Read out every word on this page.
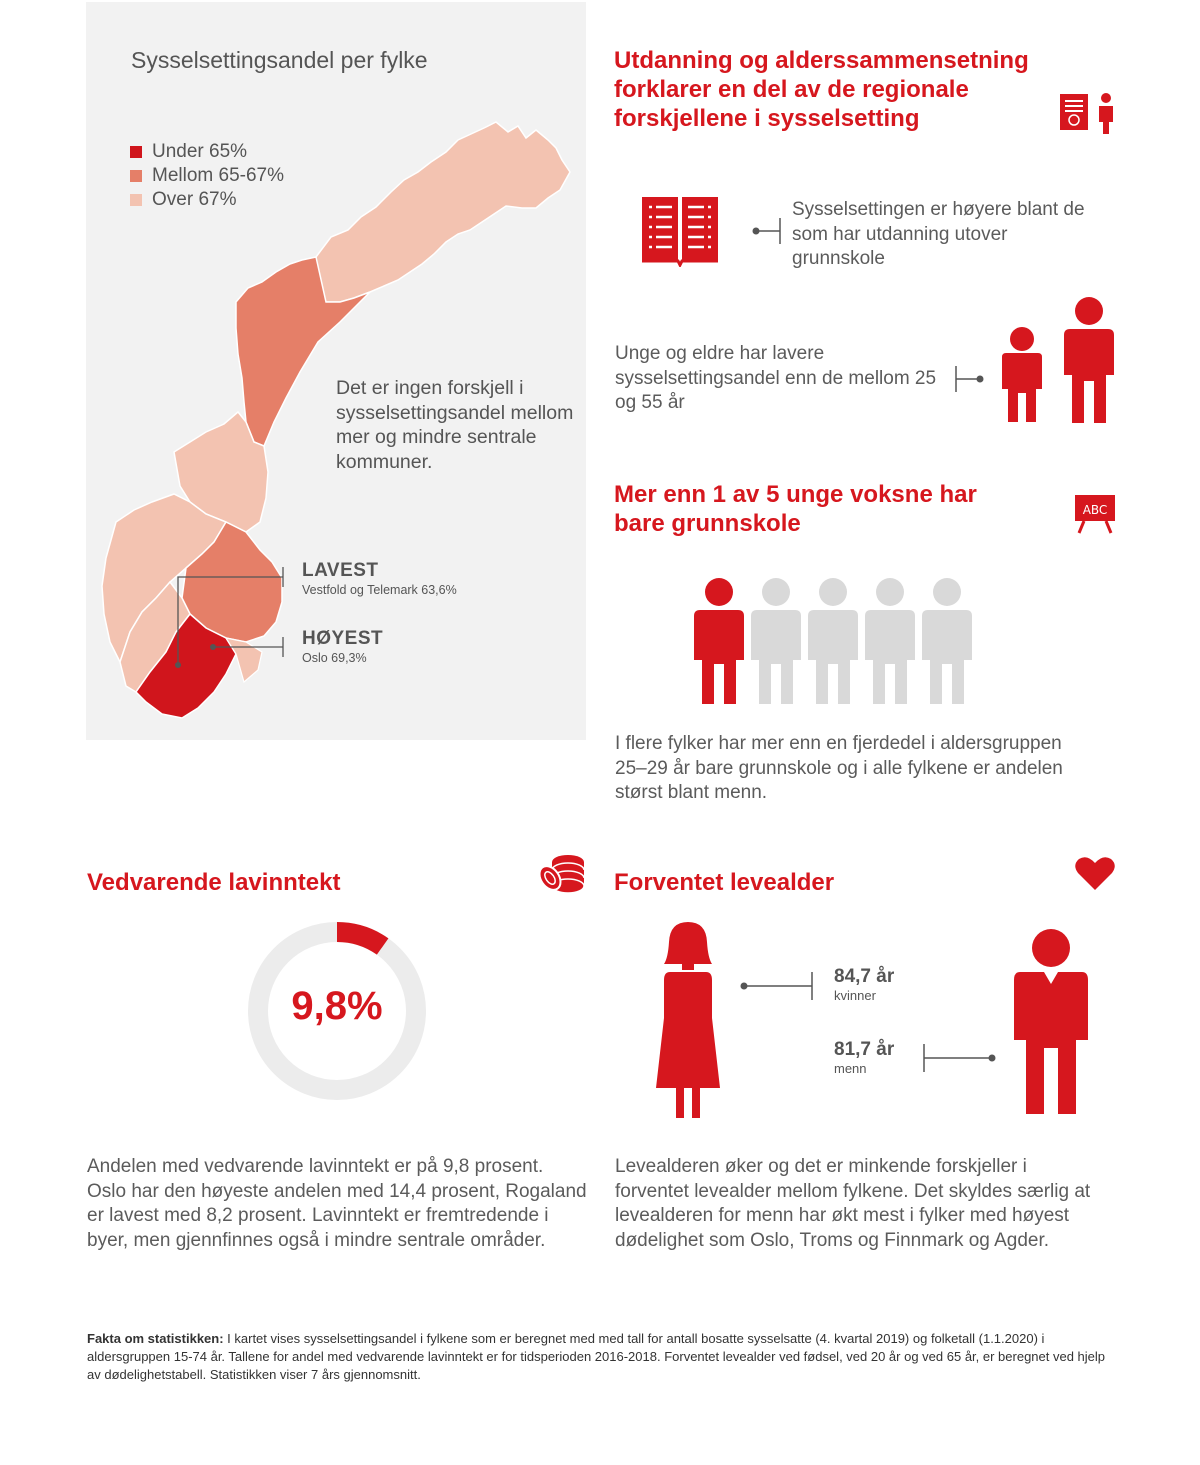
Sysselsettingsandel per fylke
Under 65%
Mellom 65-67%
Over 67%
Det er ingen forskjell i sysselsettingsandel mellom mer og mindre sentrale kommuner.
LAVEST
Vestfold og Telemark 63,6%
HØYEST
Oslo 69,3%
Utdanning og alderssammensetning
forklarer en del av de regionale
forskjellene i sysselsetting
Sysselsettingen er høyere blant de som har utdanning utover grunnskole
Unge og eldre har lavere sysselsettingsandel enn de mellom 25 og 55 år
Mer enn 1 av 5 unge voksne har
bare grunnskole	ABC
I flere fylker har mer enn en fjerdedel i aldersgruppen 25–29 år bare grunnskole og i alle fylkene er andelen størst blant menn.
Vedvarende lavinntekt
9,8%
Andelen med vedvarende lavinntekt er på 9,8 prosent. Oslo har den høyeste andelen med 14,4 prosent, Rogaland er lavest med 8,2 prosent. Lavinntekt er fremtredende i byer, men gjennfinnes også i mindre sentrale områder.
Forventet levealder
84,7 år
kvinner
81,7 år
menn
Levealderen øker og det er minkende forskjeller i forventet levealder mellom fylkene. Det skyldes særlig at levealderen for menn har økt mest i fylker med høyest dødelighet som Oslo, Troms og Finnmark og Agder.
Fakta om statistikken: I kartet vises sysselsettingsandel i fylkene som er beregnet med med tall for antall bosatte sysselsatte (4. kvartal 2019) og folketall (1.1.2020) i aldersgruppen 15-74 år. Tallene for andel med vedvarende lavinntekt er for tidsperioden 2016-2018. Forventet levealder ved fødsel, ved 20 år og ved 65 år, er beregnet ved hjelp av dødelighetstabell. Statistikken viser 7 års gjennomsnitt.
